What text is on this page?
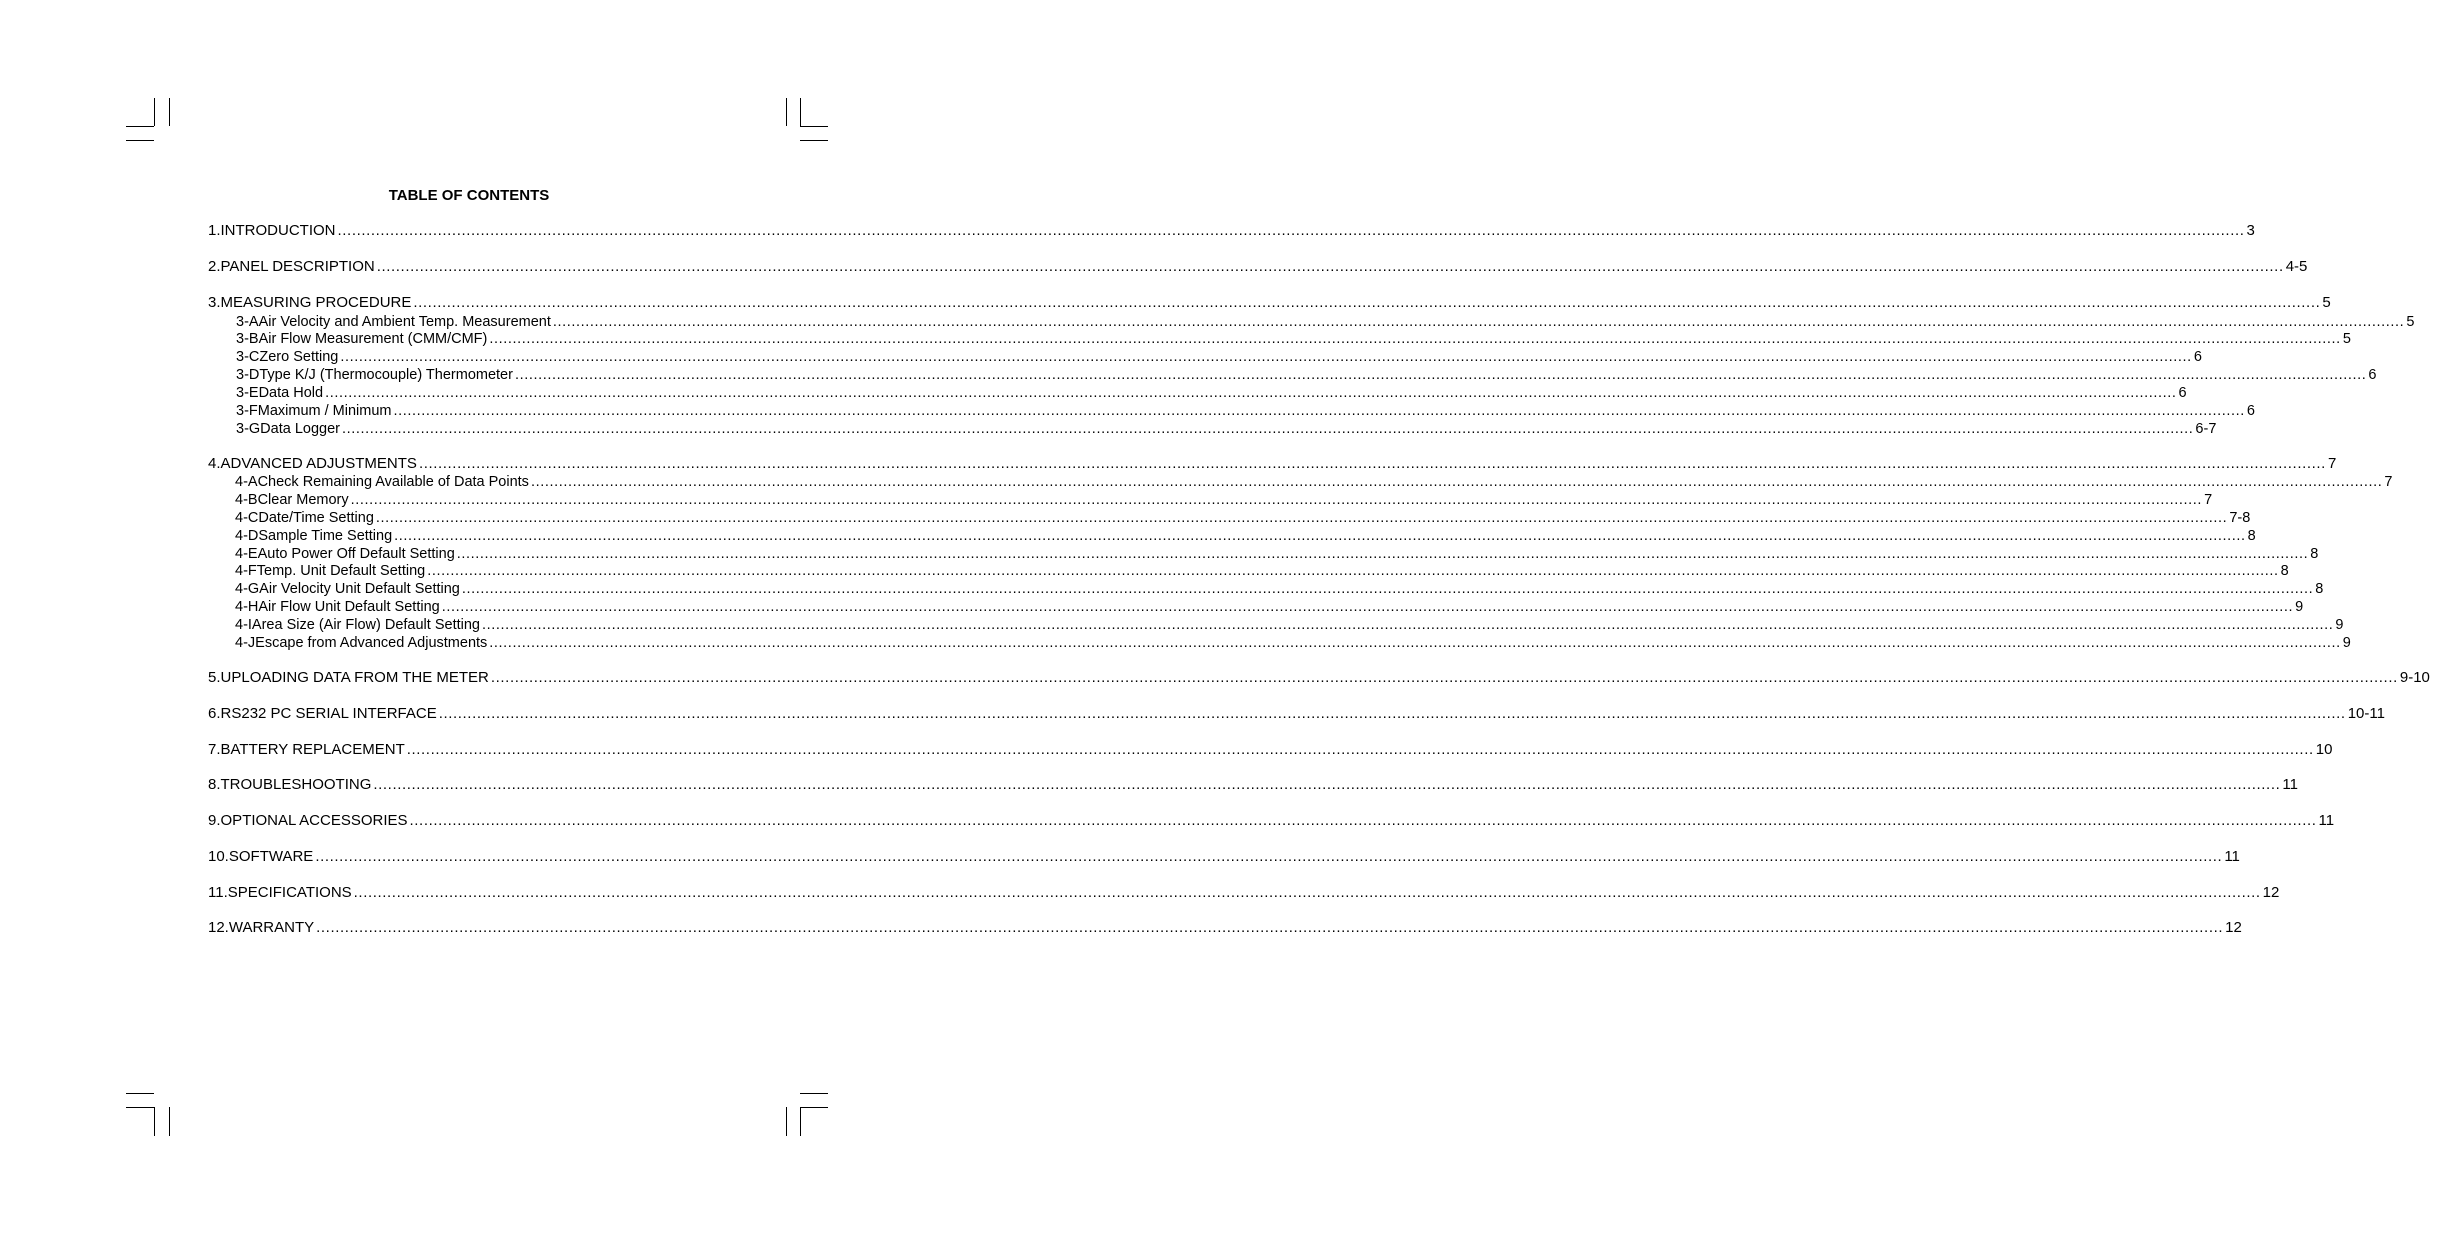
TABLE OF CONTENTS
1. INTRODUCTION ................................................................................................................................................................................................................................................................................................................................................................................................................ 3
2. PANEL DESCRIPTION ................................................................................................................................................................................................................................................................................................................................................................................................................ 4-5
3. MEASURING PROCEDURE ................................................................................................................................................................................................................................................................................................................................................................................................................ 5
3-A Air Velocity and Ambient Temp. Measurement ................................................................................................................................................................................................................................................................................................................................................................................................................ 5
3-B Air Flow Measurement (CMM/CMF) ................................................................................................................................................................................................................................................................................................................................................................................................................ 5
3-C Zero Setting ................................................................................................................................................................................................................................................................................................................................................................................................................ 6
3-D Type K/J (Thermocouple) Thermometer ................................................................................................................................................................................................................................................................................................................................................................................................................ 6
3-E Data Hold ................................................................................................................................................................................................................................................................................................................................................................................................................ 6
3-F Maximum / Minimum ................................................................................................................................................................................................................................................................................................................................................................................................................ 6
3-G Data Logger ................................................................................................................................................................................................................................................................................................................................................................................................................ 6-7
4. ADVANCED ADJUSTMENTS ................................................................................................................................................................................................................................................................................................................................................................................................................ 7
4-A Check Remaining Available of Data Points ................................................................................................................................................................................................................................................................................................................................................................................................................ 7
4-B Clear Memory ................................................................................................................................................................................................................................................................................................................................................................................................................ 7
4-C Date/Time Setting ................................................................................................................................................................................................................................................................................................................................................................................................................ 7-8
4-D Sample Time Setting ................................................................................................................................................................................................................................................................................................................................................................................................................ 8
4-E Auto Power Off Default Setting ................................................................................................................................................................................................................................................................................................................................................................................................................ 8
4-F Temp. Unit Default Setting ................................................................................................................................................................................................................................................................................................................................................................................................................ 8
4-G Air Velocity Unit Default Setting ................................................................................................................................................................................................................................................................................................................................................................................................................ 8
4-H Air Flow Unit Default Setting ................................................................................................................................................................................................................................................................................................................................................................................................................ 9
4-I Area Size (Air Flow) Default Setting ................................................................................................................................................................................................................................................................................................................................................................................................................ 9
4-J Escape from Advanced Adjustments ................................................................................................................................................................................................................................................................................................................................................................................................................ 9
5. UPLOADING DATA FROM THE METER ................................................................................................................................................................................................................................................................................................................................................................................................................ 9-10
6. RS232 PC SERIAL INTERFACE ................................................................................................................................................................................................................................................................................................................................................................................................................ 10-11
7. BATTERY REPLACEMENT ................................................................................................................................................................................................................................................................................................................................................................................................................ 10
8. TROUBLESHOOTING ................................................................................................................................................................................................................................................................................................................................................................................................................ 11
9. OPTIONAL ACCESSORIES ................................................................................................................................................................................................................................................................................................................................................................................................................ 11
10. SOFTWARE ................................................................................................................................................................................................................................................................................................................................................................................................................ 11
11. SPECIFICATIONS ................................................................................................................................................................................................................................................................................................................................................................................................................ 12
12. WARRANTY ................................................................................................................................................................................................................................................................................................................................................................................................................ 12
